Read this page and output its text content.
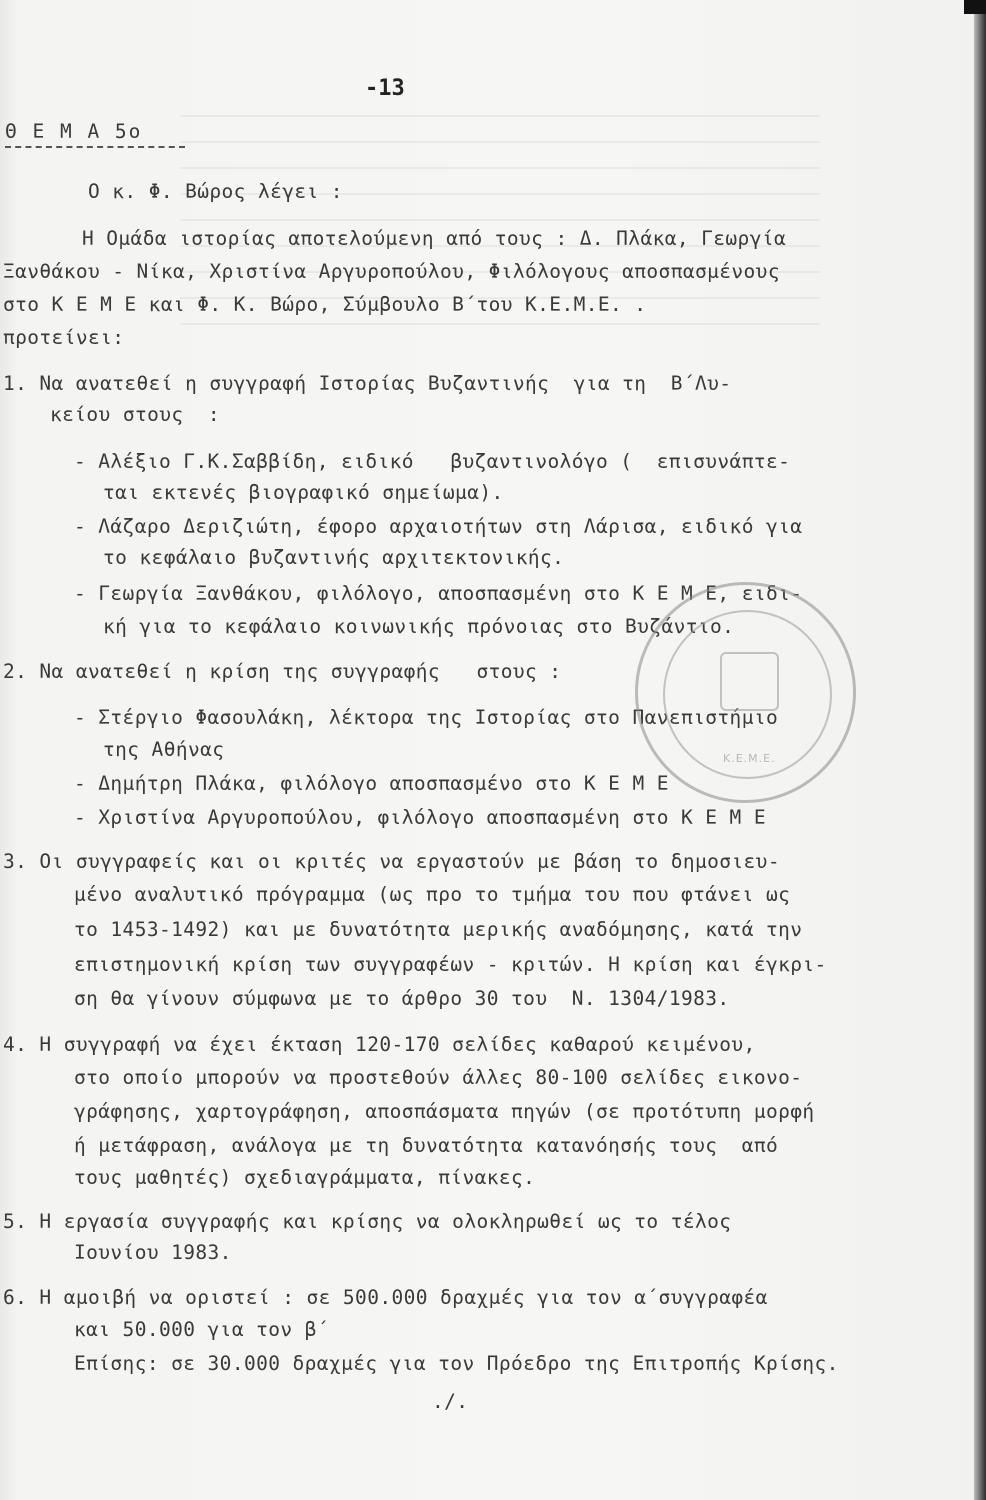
-13
Θ Ε Μ Α 5ο
Ο κ. Φ. Βώρος λέγει :
Η Ομάδα ιστορίας αποτελούμενη από τους : Δ. Πλάκα, Γεωργία
Ξανθάκου - Νίκα, Χριστίνα Αργυροπούλου, Φιλόλογους αποσπασμένους
στο Κ Ε Μ Ε και Φ. Κ. Βώρο, Σύμβουλο Β΄του Κ.Ε.Μ.Ε. .
προτείνει:
1. Να ανατεθεί η συγγραφή Ιστορίας Βυζαντινής  για τη  Β΄Λυ-
κείου στους  :
- Αλέξιο Γ.Κ.Σαββίδη, ειδικό   βυζαντινολόγο (  επισυνάπτε-
ται εκτενές βιογραφικό σημείωμα).
- Λάζαρο Δεριζιώτη, έφορο αρχαιοτήτων στη Λάρισα, ειδικό για
το κεφάλαιο βυζαντινής αρχιτεκτονικής.
- Γεωργία Ξανθάκου, φιλόλογο, αποσπασμένη στο Κ Ε Μ Ε, ειδι-
κή για το κεφάλαιο κοινωνικής πρόνοιας στο Βυζάντιο.
2. Να ανατεθεί η κρίση της συγγραφής   στους :
- Στέργιο Φασουλάκη, λέκτορα της Ιστορίας στο Πανεπιστήμιο
της Αθήνας
- Δημήτρη Πλάκα, φιλόλογο αποσπασμένο στο Κ Ε Μ Ε
- Χριστίνα Αργυροπούλου, φιλόλογο αποσπασμένη στο Κ Ε Μ Ε
3. Οι συγγραφείς και οι κριτές να εργαστούν με βάση το δημοσιευ-
μένο αναλυτικό πρόγραμμα (ως προ το τμήμα του που φτάνει ως
το 1453-1492) και με δυνατότητα μερικής αναδόμησης, κατά την
επιστημονική κρίση των συγγραφέων - κριτών. Η κρίση και έγκρι-
ση θα γίνουν σύμφωνα με το άρθρο 30 του  Ν. 1304/1983.
4. Η συγγραφή να έχει έκταση 120-170 σελίδες καθαρού κειμένου,
στο οποίο μπορούν να προστεθούν άλλες 80-100 σελίδες εικονο-
γράφησης, χαρτογράφηση, αποσπάσματα πηγών (σε προτότυπη μορφή
ή μετάφραση, ανάλογα με τη δυνατότητα κατανόησής τους  από
τους μαθητές) σχεδιαγράμματα, πίνακες.
5. Η εργασία συγγραφής και κρίσης να ολοκληρωθεί ως το τέλος
Ιουνίου 1983.
6. Η αμοιβή να οριστεί : σε 500.000 δραχμές για τον α΄συγγραφέα
και 50.000 για τον β΄
Επίσης: σε 30.000 δραχμές για τον Πρόεδρο της Επιτροπής Κρίσης.
./.
Κ.Ε.Μ.Ε.
